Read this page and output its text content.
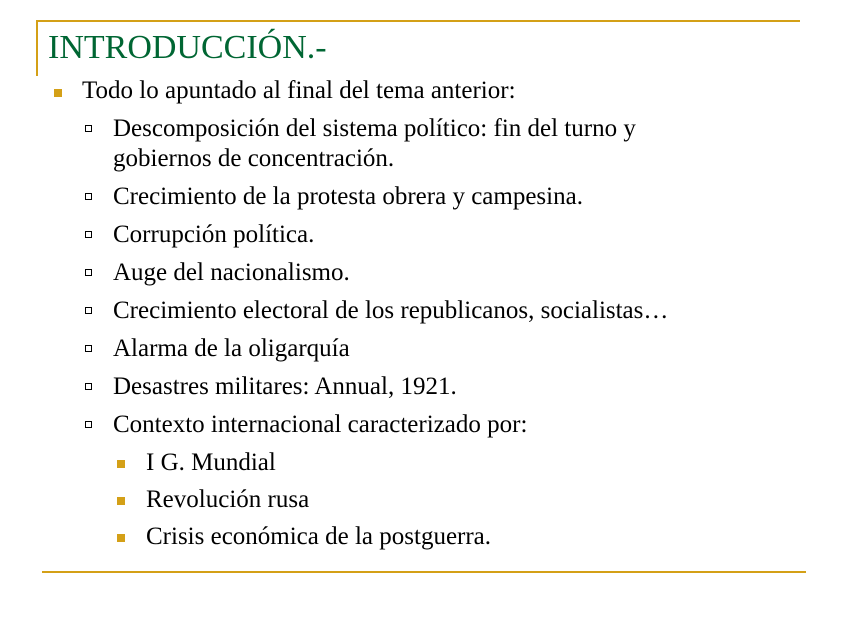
INTRODUCCIÓN.-
Todo lo apuntado al final del tema anterior:
Descomposición del sistema político: fin del turno y gobiernos de concentración.
Crecimiento de la protesta obrera y campesina.
Corrupción política.
Auge del nacionalismo.
Crecimiento electoral de los republicanos, socialistas…
Alarma de la oligarquía
Desastres militares: Annual, 1921.
Contexto internacional caracterizado por:
I G. Mundial
Revolución rusa
Crisis económica de la postguerra.
